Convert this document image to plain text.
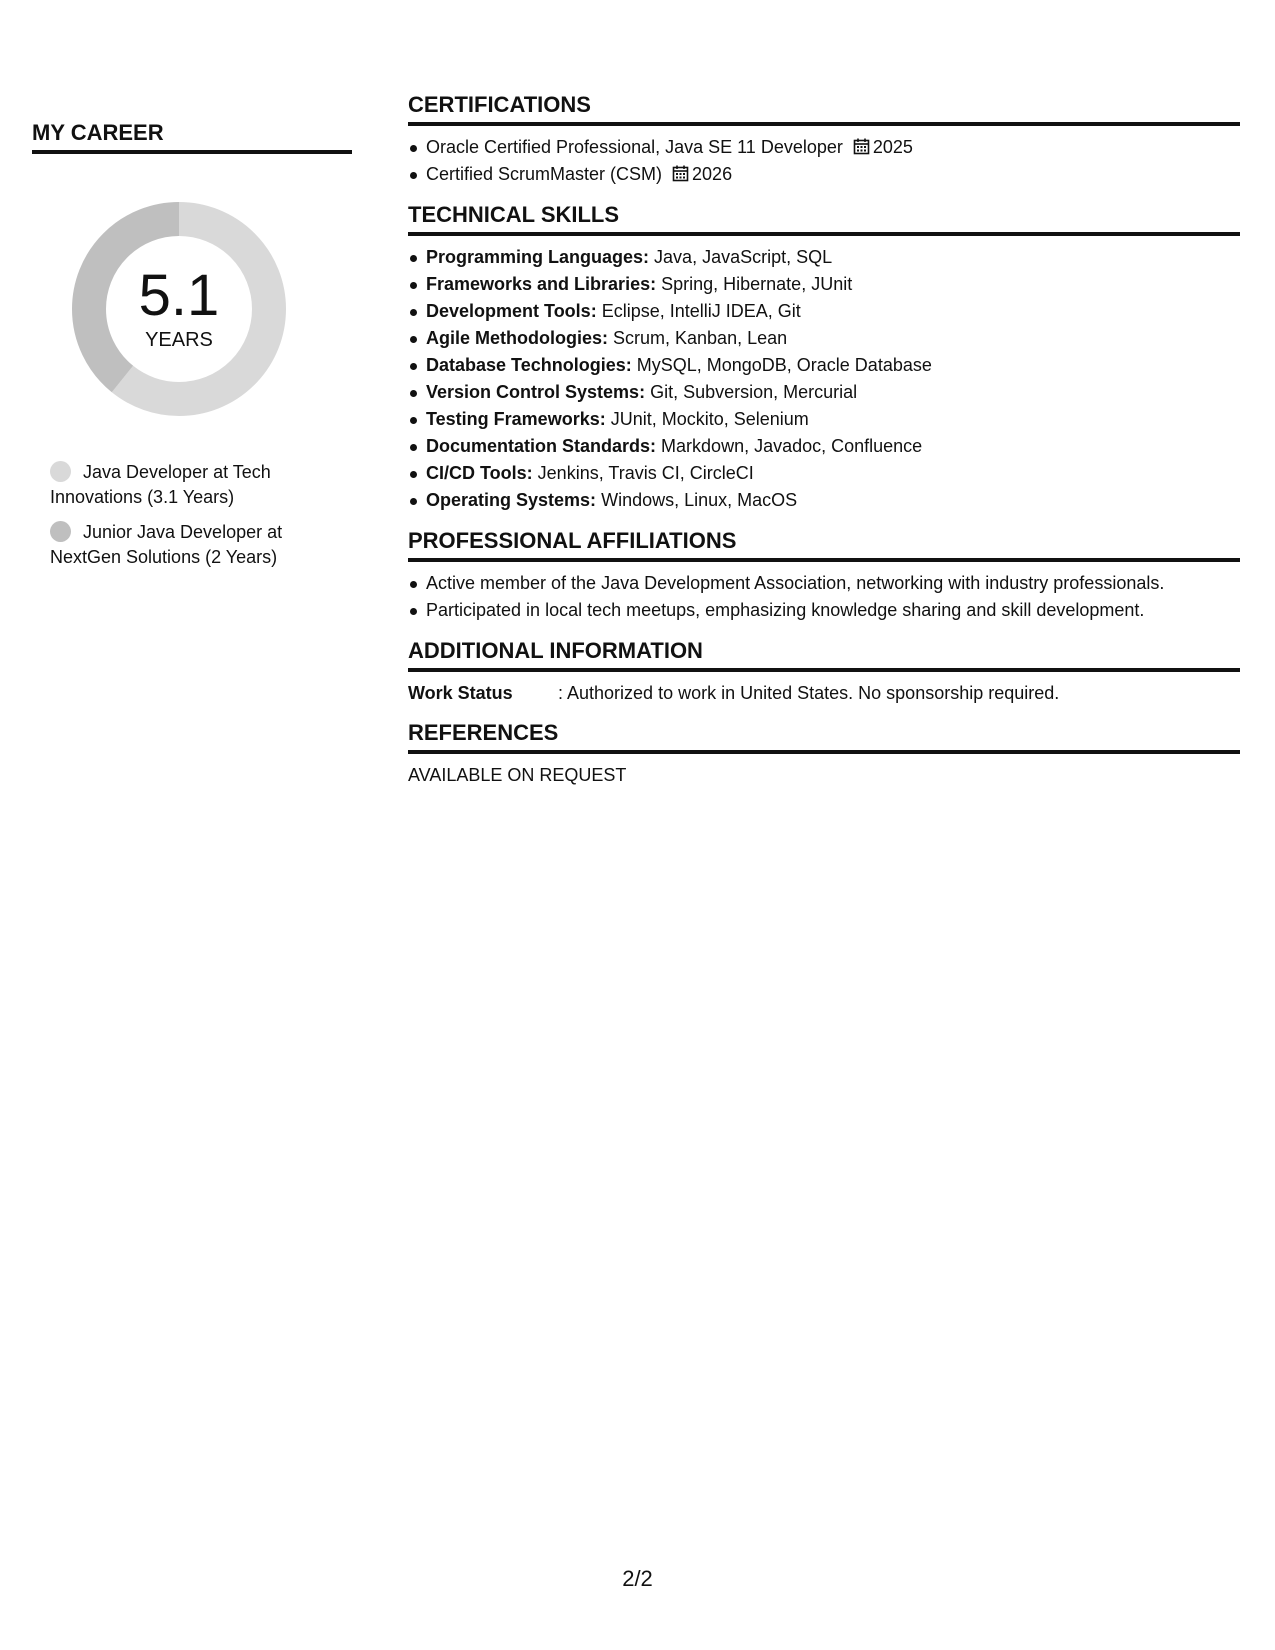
MY CAREER
5.1
YEARS
Java Developer at Tech Innovations (3.1 Years)
Junior Java Developer at NextGen Solutions (2 Years)
CERTIFICATIONS
Oracle Certified Professional, Java SE 11 Developer 2025
Certified ScrumMaster (CSM) 2026
TECHNICAL SKILLS
Programming Languages: Java, JavaScript, SQL
Frameworks and Libraries: Spring, Hibernate, JUnit
Development Tools: Eclipse, IntelliJ IDEA, Git
Agile Methodologies: Scrum, Kanban, Lean
Database Technologies: MySQL, MongoDB, Oracle Database
Version Control Systems: Git, Subversion, Mercurial
Testing Frameworks: JUnit, Mockito, Selenium
Documentation Standards: Markdown, Javadoc, Confluence
CI/CD Tools: Jenkins, Travis CI, CircleCI
Operating Systems: Windows, Linux, MacOS
PROFESSIONAL AFFILIATIONS
Active member of the Java Development Association, networking with industry professionals.
Participated in local tech meetups, emphasizing knowledge sharing and skill development.
ADDITIONAL INFORMATION
Work Status	: Authorized to work in United States. No sponsorship required.
REFERENCES
AVAILABLE ON REQUEST
2/2
